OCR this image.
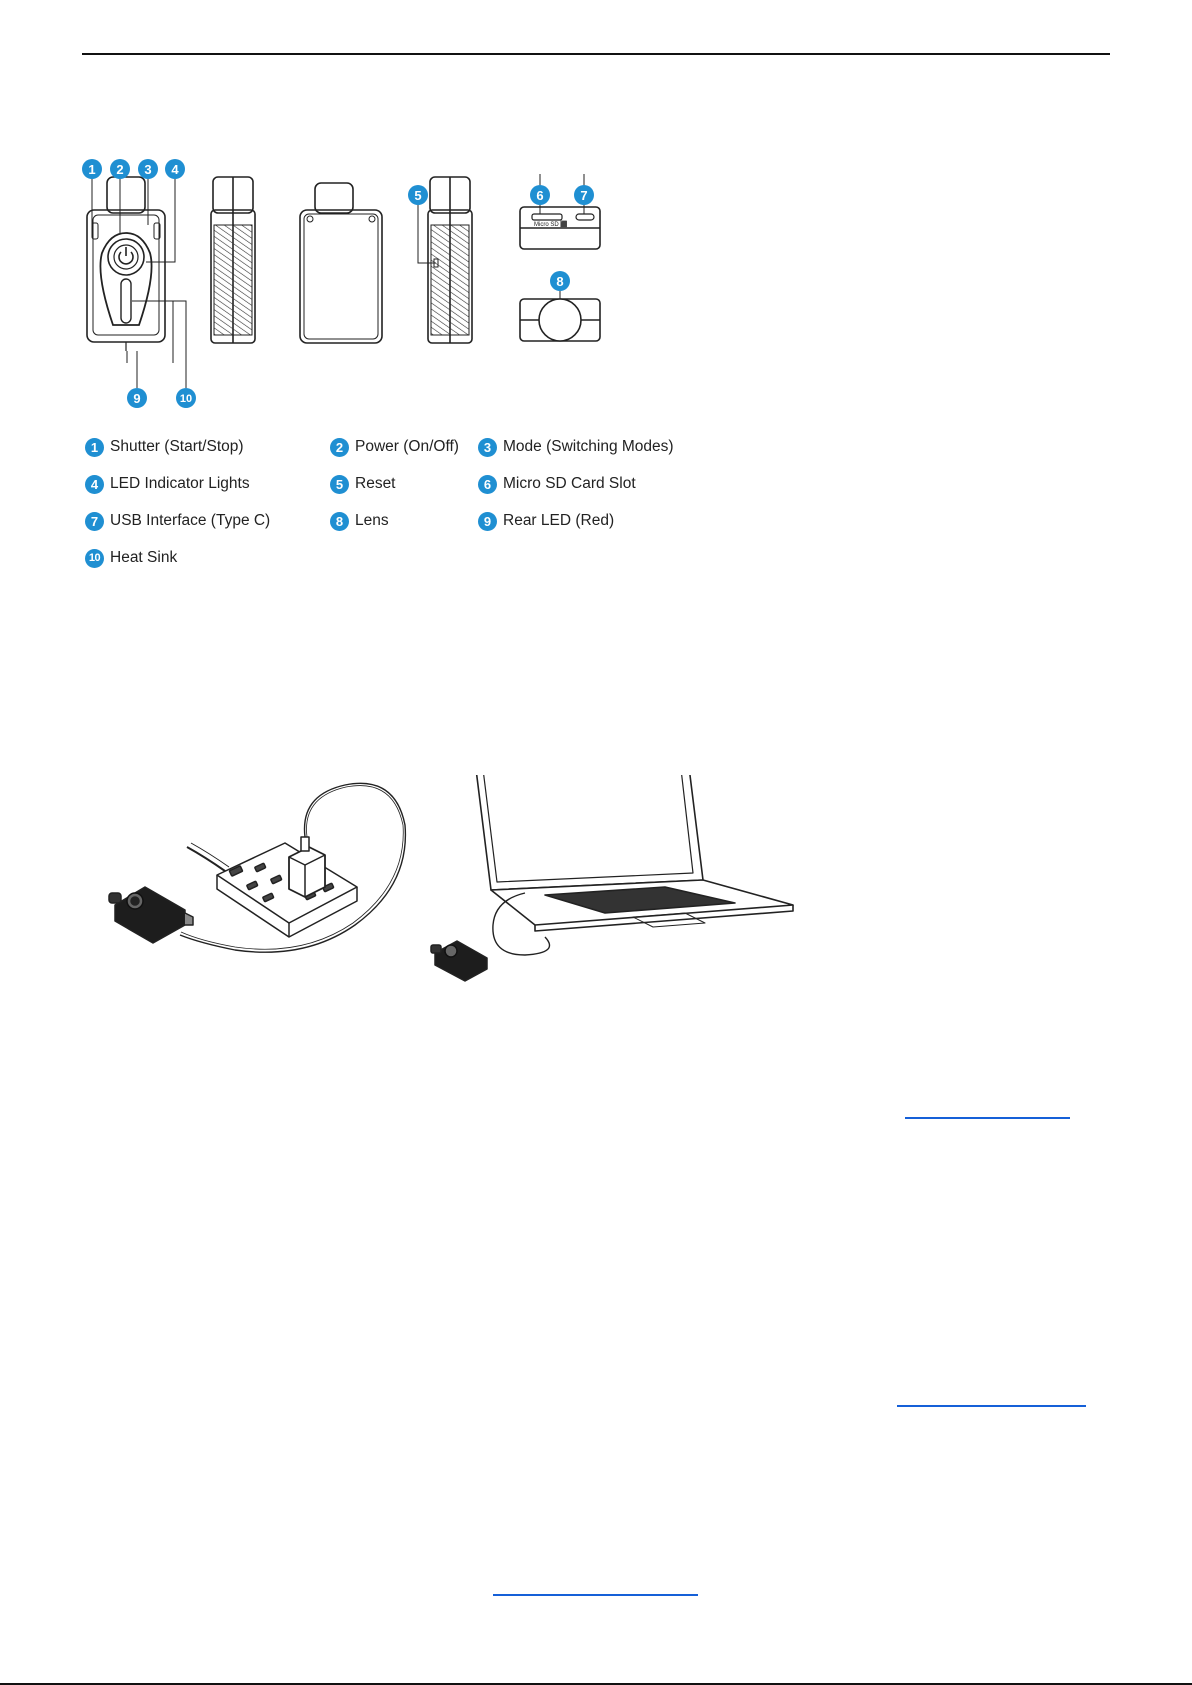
Micro SD ⬛
1 2 3 4
5	6	7
8
9	10
1 Shutter (Start/Stop)	2 Power (On/Off)	3 Mode (Switching Modes)
4 LED Indicator Lights	5 Reset	6 Micro SD Card Slot
7 USB Interface (Type C)	8 Lens	9 Rear LED (Red)
10 Heat Sink
